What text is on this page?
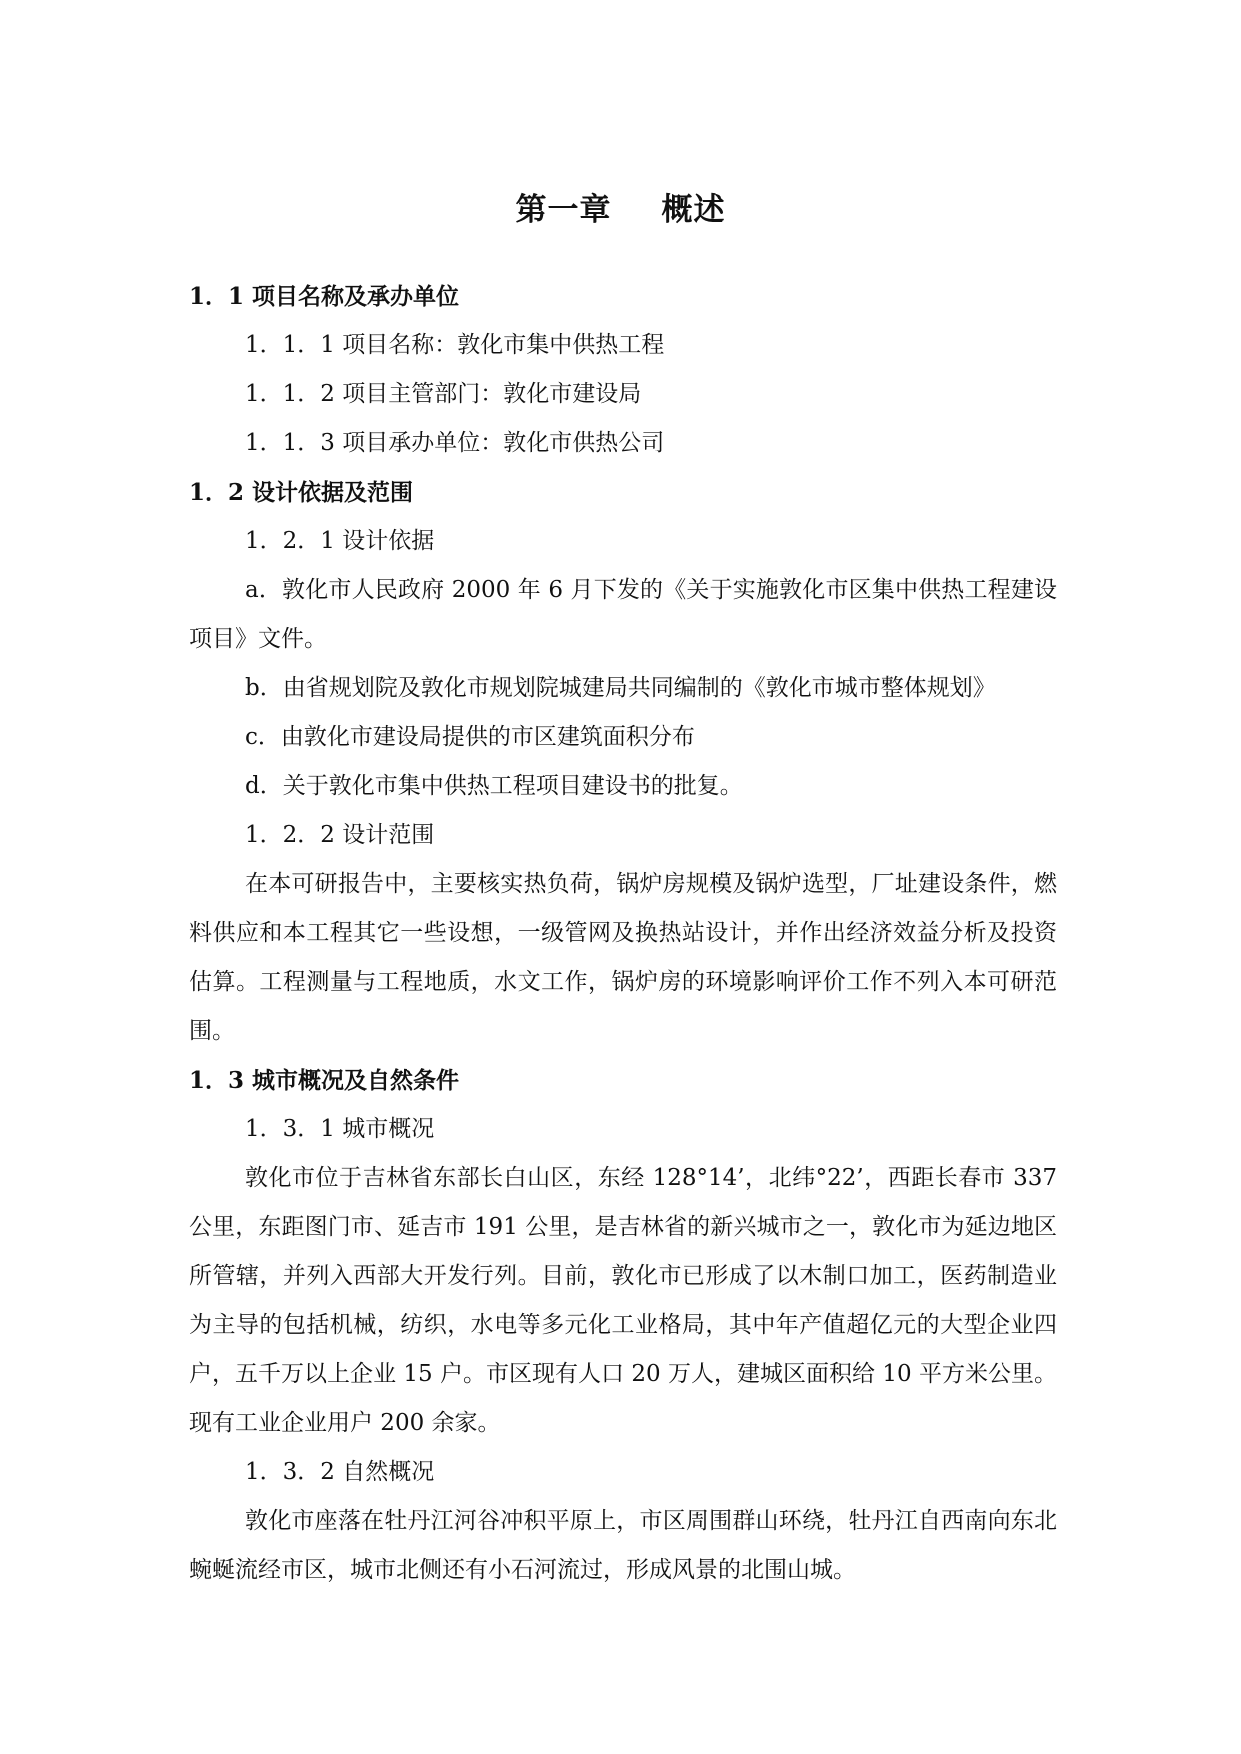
第一章 概述

1．1 项目名称及承办单位

1．1．1 项目名称：敦化市集中供热工程

1．1．2 项目主管部门：敦化市建设局

1．1．3 项目承办单位：敦化市供热公司

1．2 设计依据及范围

1．2．1 设计依据

a．敦化市人民政府 2000 年 6 月下发的《关于实施敦化市区集中供热工程建设项目》文件。

b．由省规划院及敦化市规划院城建局共同编制的《敦化市城市整体规划》

c．由敦化市建设局提供的市区建筑面积分布

d．关于敦化市集中供热工程项目建设书的批复。

1．2．2 设计范围

在本可研报告中，主要核实热负荷，锅炉房规模及锅炉选型，厂址建设条件，燃料供应和本工程其它一些设想，一级管网及换热站设计，并作出经济效益分析及投资估算。工程测量与工程地质，水文工作，锅炉房的环境影响评价工作不列入本可研范围。

1．3 城市概况及自然条件

1．3．1 城市概况

敦化市位于吉林省东部长白山区，东经 128°14’，北纬°22’，西距长春市 337 公里，东距图门市、延吉市 191 公里，是吉林省的新兴城市之一，敦化市为延边地区所管辖，并列入西部大开发行列。目前，敦化市已形成了以木制口加工，医药制造业为主导的包括机械，纺织，水电等多元化工业格局，其中年产值超亿元的大型企业四户，五千万以上企业 15 户。市区现有人口 20 万人，建城区面积给 10 平方米公里。现有工业企业用户 200 余家。

1．3．2 自然概况

敦化市座落在牡丹江河谷冲积平原上，市区周围群山环绕，牡丹江自西南向东北蜿蜒流经市区，城市北侧还有小石河流过，形成风景的北围山城。
